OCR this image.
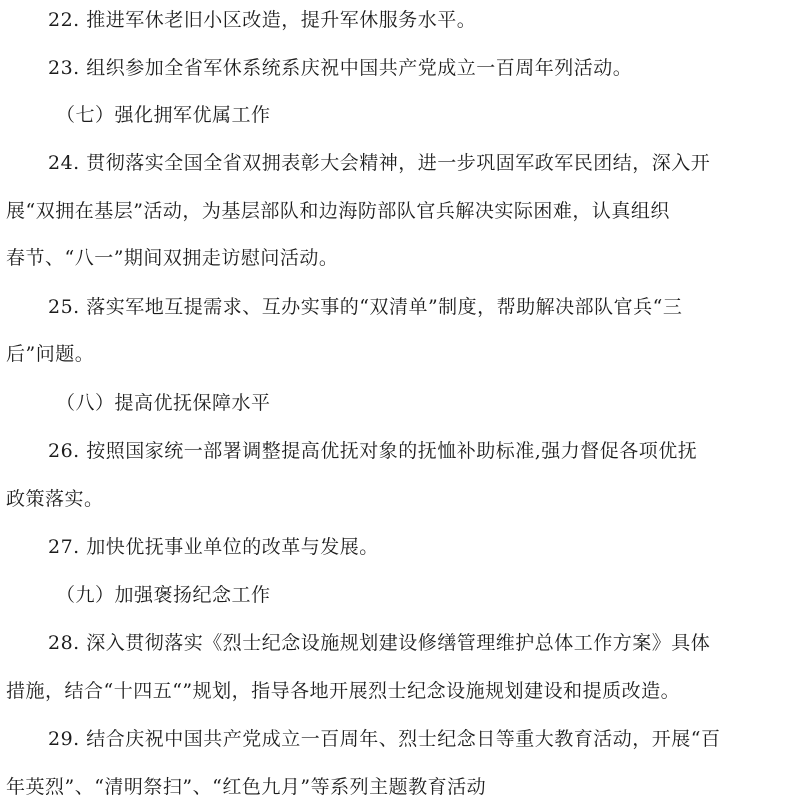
22. 推进军休老旧小区改造，提升军休服务水平。
23. 组织参加全省军休系统系庆祝中国共产党成立一百周年列活动。
（七）强化拥军优属工作
24. 贯彻落实全国全省双拥表彰大会精神，进一步巩固军政军民团结，深入开
展“双拥在基层”活动，为基层部队和边海防部队官兵解决实际困难，认真组织
春节、“八一”期间双拥走访慰问活动。
25. 落实军地互提需求、互办实事的“双清单”制度，帮助解决部队官兵“三
后”问题。
（八）提高优抚保障水平
26. 按照国家统一部署调整提高优抚对象的抚恤补助标准,强力督促各项优抚
政策落实。
27. 加快优抚事业单位的改革与发展。
（九）加强褒扬纪念工作
28. 深入贯彻落实《烈士纪念设施规划建设修缮管理维护总体工作方案》具体
措施，结合“十四五“”规划，指导各地开展烈士纪念设施规划建设和提质改造。
29. 结合庆祝中国共产党成立一百周年、烈士纪念日等重大教育活动，开展“百
年英烈”、“清明祭扫”、“红色九月”等系列主题教育活动
